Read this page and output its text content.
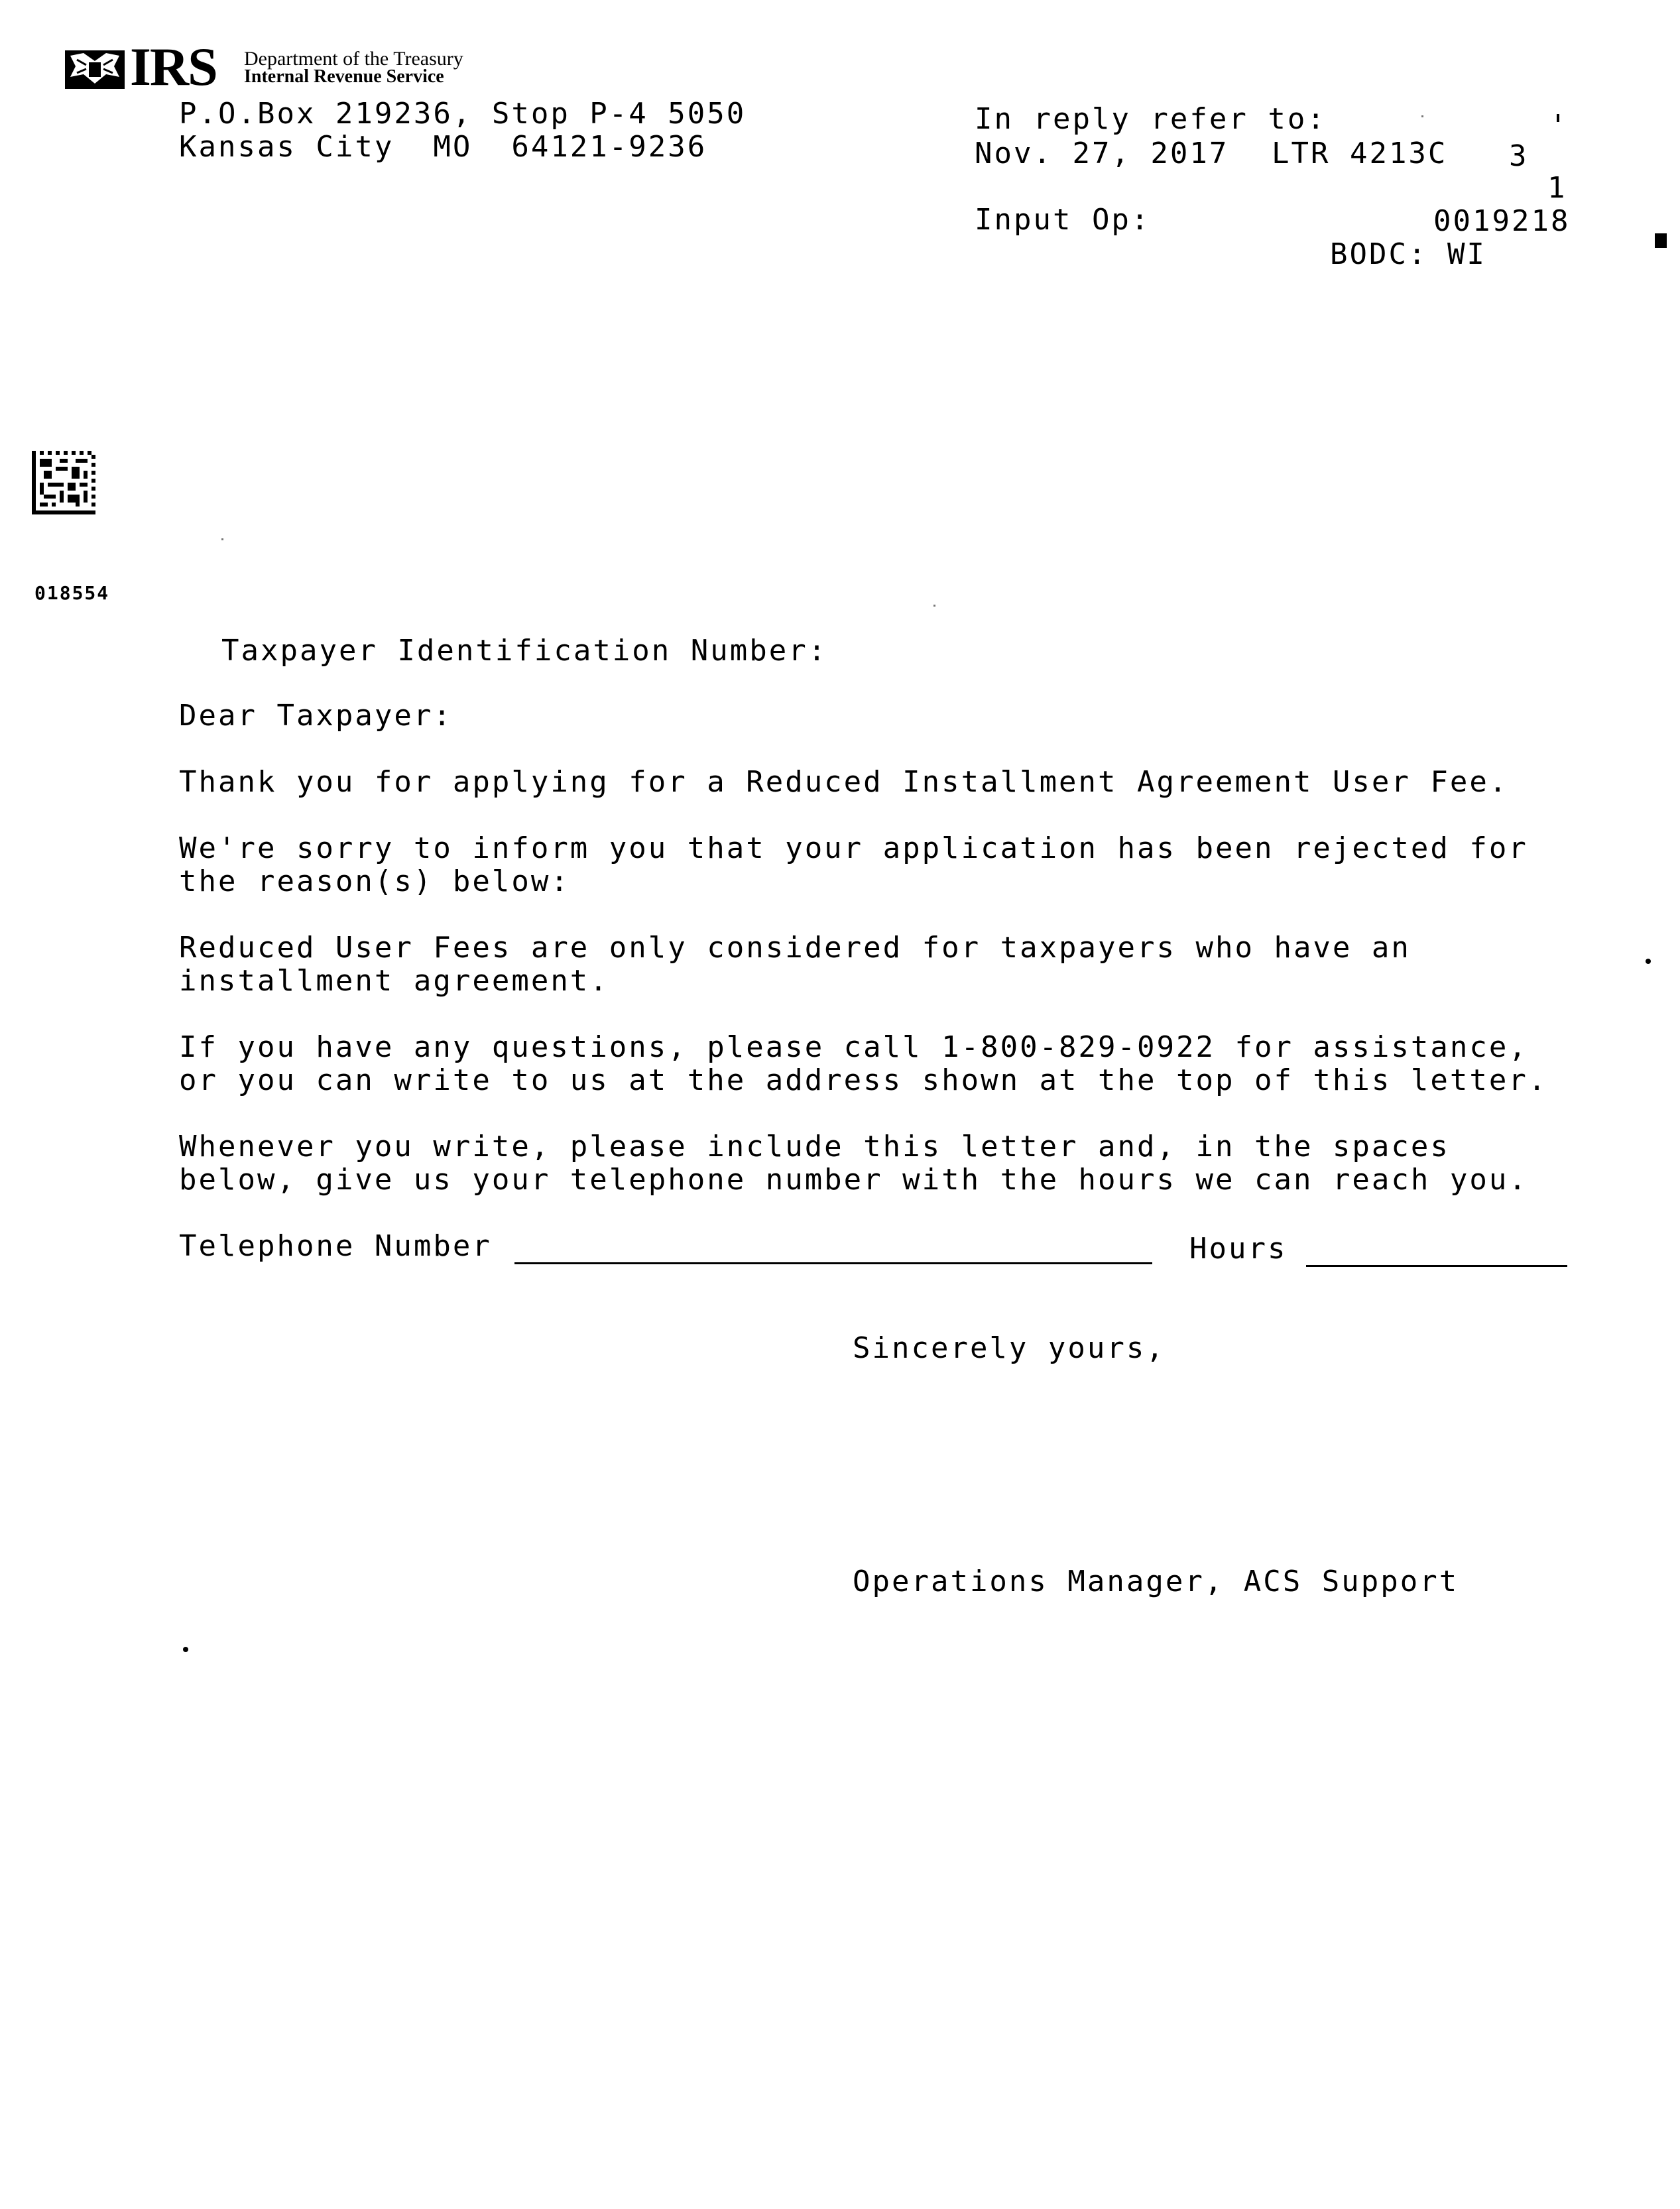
IRS Department of the Treasury
Internal Revenue Service
P.O.Box 219236, Stop P-4 5050
Kansas City  MO  64121-9236
In reply refer to:
Nov. 27, 2017 LTR 4213C 3
1
Input Op:	0019218
BODC: WI
018554
Taxpayer Identification Number:
Dear Taxpayer:
Thank you for applying for a Reduced Installment Agreement User Fee.
We're sorry to inform you that your application has been rejected for
the reason(s) below:
Reduced User Fees are only considered for taxpayers who have an
installment agreement.
If you have any questions, please call 1-800-829-0922 for assistance,
or you can write to us at the address shown at the top of this letter.
Whenever you write, please include this letter and, in the spaces
below, give us your telephone number with the hours we can reach you.
Telephone Number	Hours
Sincerely yours,
Operations Manager, ACS Support
